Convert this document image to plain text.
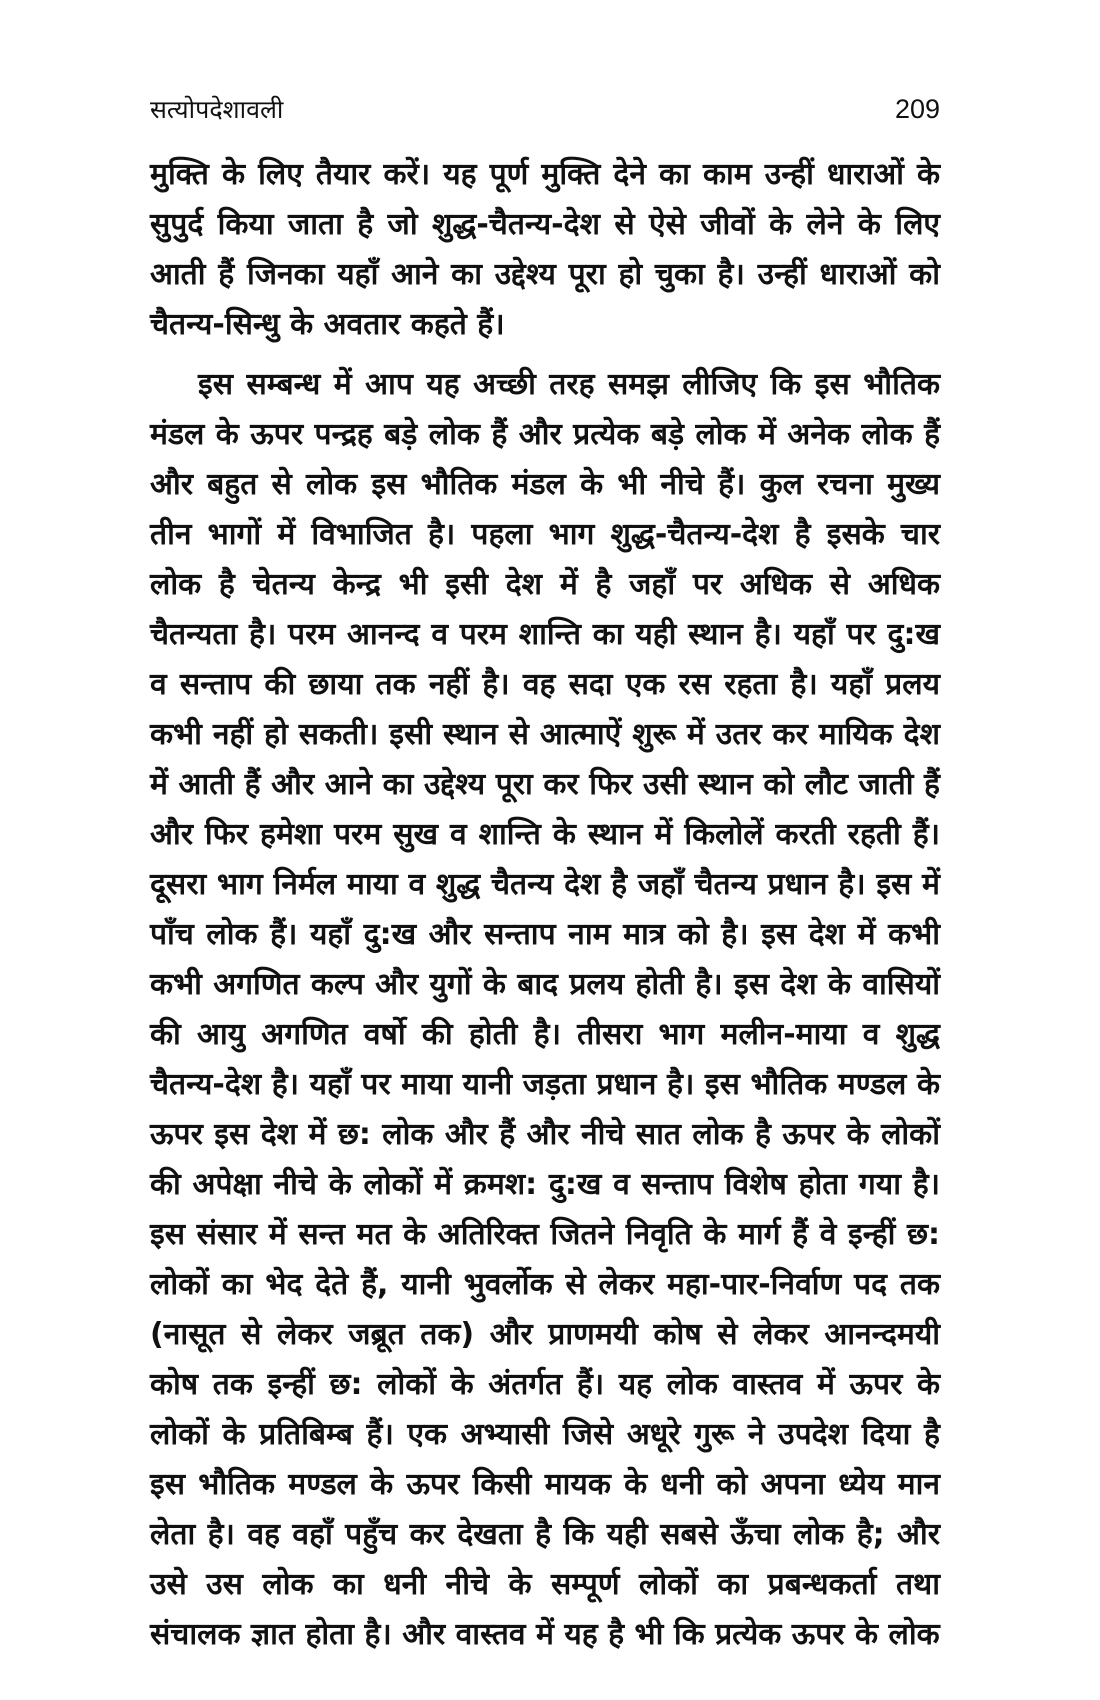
सत्योपदेशावली	209

मुक्ति के लिए तैयार करें। यह पूर्ण मुक्ति देने का काम उन्हीं धाराओं के सुपुर्द किया जाता है जो शुद्ध-चैतन्य-देश से ऐसे जीवों के लेने के लिए आती हैं जिनका यहाँ आने का उद्देश्य पूरा हो चुका है। उन्हीं धाराओं को चैतन्य-सिन्धु के अवतार कहते हैं।

इस सम्बन्ध में आप यह अच्छी तरह समझ लीजिए कि इस भौतिक मंडल के ऊपर पन्द्रह बड़े लोक हैं और प्रत्येक बड़े लोक में अनेक लोक हैं और बहुत से लोक इस भौतिक मंडल के भी नीचे हैं। कुल रचना मुख्य तीन भागों में विभाजित है। पहला भाग शुद्ध-चैतन्य-देश है इसके चार लोक है चेतन्य केन्द्र भी इसी देश में है जहाँ पर अधिक से अधिक चैतन्यता है। परम आनन्द व परम शान्ति का यही स्थान है। यहाँ पर दु:ख व सन्ताप की छाया तक नहीं है। वह सदा एक रस रहता है। यहाँ प्रलय कभी नहीं हो सकती। इसी स्थान से आत्माऐं शुरू में उतर कर मायिक देश में आती हैं और आने का उद्देश्य पूरा कर फिर उसी स्थान को लौट जाती हैं और फिर हमेशा परम सुख व शान्ति के स्थान में किलोलें करती रहती हैं। दूसरा भाग निर्मल माया व शुद्ध चैतन्य देश है जहाँ चैतन्य प्रधान है। इस में पाँच लोक हैं। यहाँ दु:ख और सन्ताप नाम मात्र को है। इस देश में कभी कभी अगणित कल्प और युगों के बाद प्रलय होती है। इस देश के वासियों की आयु अगणित वर्षो की होती है। तीसरा भाग मलीन-माया व शुद्ध चैतन्य-देश है। यहाँ पर माया यानी जड़ता प्रधान है। इस भौतिक मण्डल के ऊपर इस देश में छ: लोक और हैं और नीचे सात लोक है ऊपर के लोकों की अपेक्षा नीचे के लोकों में क्रमश: दु:ख व सन्ताप विशेष होता गया है। इस संसार में सन्त मत के अतिरिक्त जितने निवृति के मार्ग हैं वे इन्हीं छ: लोकों का भेद देते हैं, यानी भुवर्लोक से लेकर महा-पार-निर्वाण पद तक (नासूत से लेकर जब्रूत तक) और प्राणमयी कोष से लेकर आनन्दमयी कोष तक इन्हीं छ: लोकों के अंतर्गत हैं। यह लोक वास्तव में ऊपर के लोकों के प्रतिबिम्ब हैं। एक अभ्यासी जिसे अधूरे गुरू ने उपदेश दिया है इस भौतिक मण्डल के ऊपर किसी मायक के धनी को अपना ध्येय मान लेता है। वह वहाँ पहुँच कर देखता है कि यही सबसे ऊँचा लोक है; और उसे उस लोक का धनी नीचे के सम्पूर्ण लोकों का प्रबन्धकर्ता तथा संचालक ज्ञात होता है। और वास्तव में यह है भी कि प्रत्येक ऊपर के लोक
